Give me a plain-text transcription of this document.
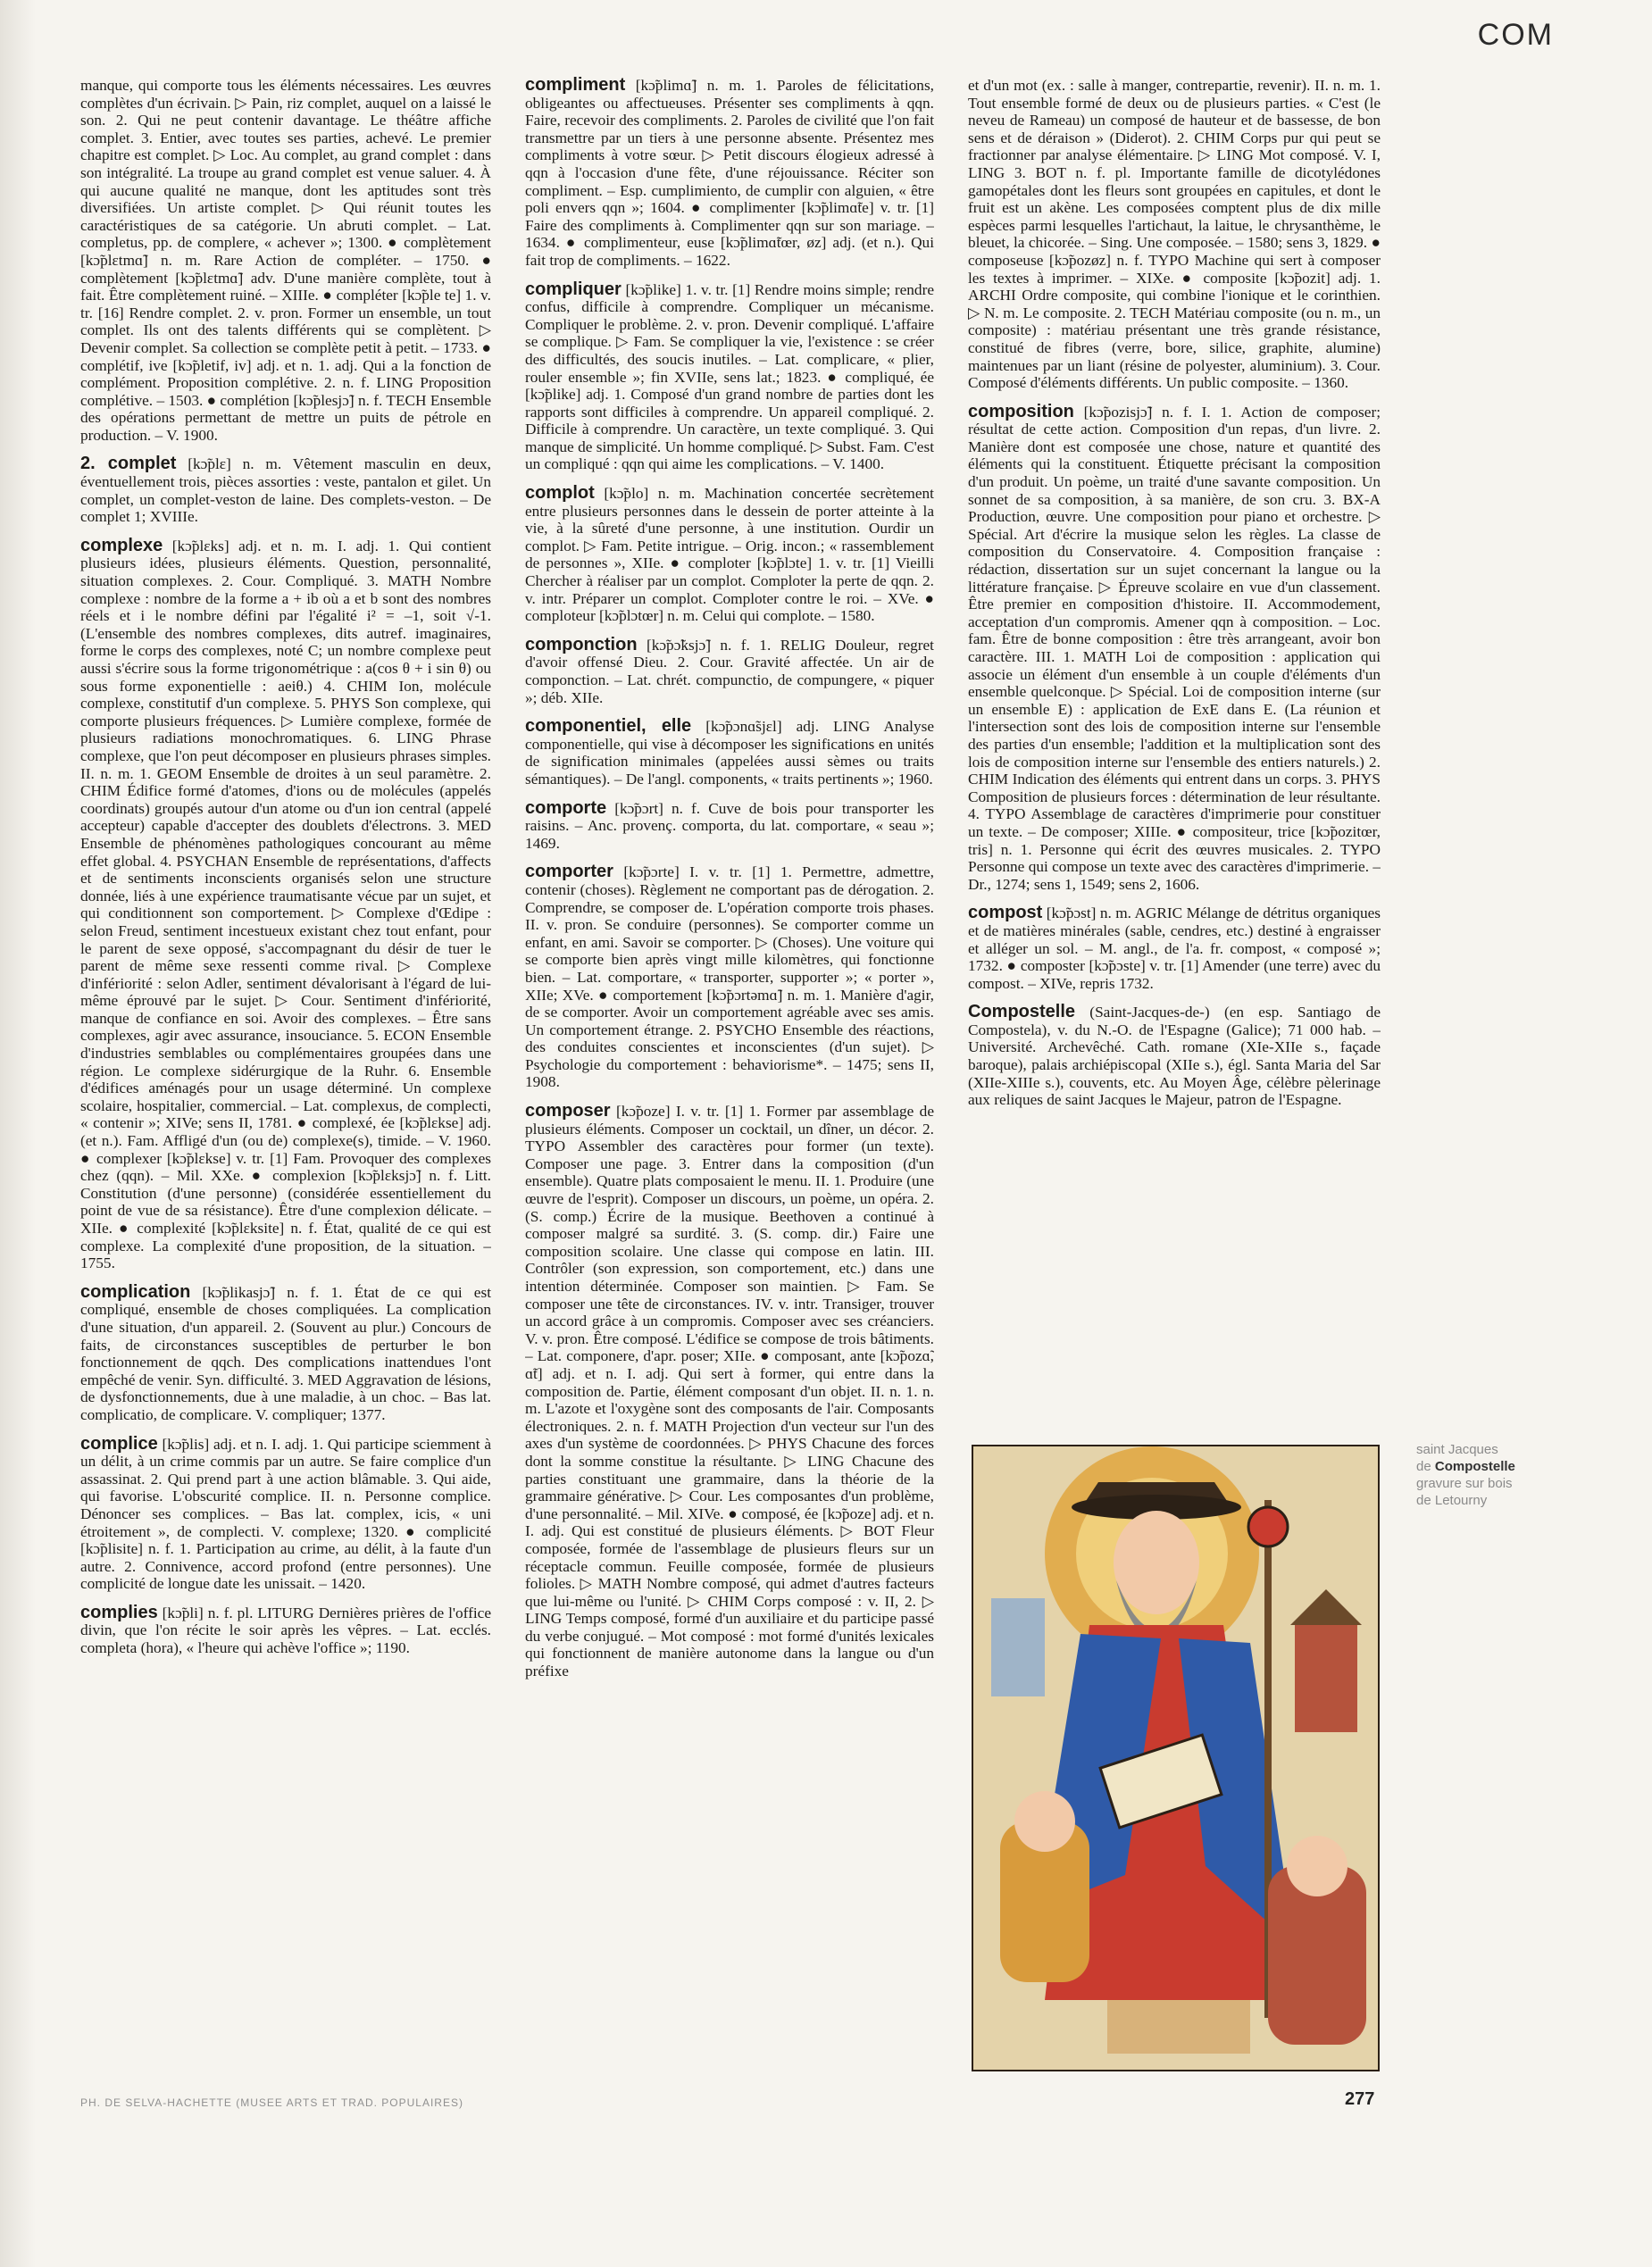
COM

manque, qui comporte tous les éléments nécessaires. Les œuvres complètes d'un écrivain. ▷ Pain, riz complet, auquel on a laissé le son. 2. Qui ne peut contenir davantage. Le théâtre affiche complet. 3. Entier, avec toutes ses parties, achevé. Le premier chapitre est complet. ▷ Loc. Au complet, au grand complet : dans son intégralité. La troupe au grand complet est venue saluer. 4. À qui aucune qualité ne manque, dont les aptitudes sont très diversifiées. Un artiste complet. ▷ Qui réunit toutes les caractéristiques de sa catégorie. Un abruti complet. – Lat. completus, pp. de complere, « achever »; 1300. ● complètement [kɔ̃plɛtmɑ̃] n. m. Rare Action de compléter. – 1750. ● complètement [kɔ̃plɛtmɑ̃] adv. D'une manière complète, tout à fait. Être complètement ruiné. – XIIIe. ● compléter [kɔ̃ple te] 1. v. tr. [16] Rendre complet. 2. v. pron. Former un ensemble, un tout complet. Ils ont des talents différents qui se complètent. ▷ Devenir complet. Sa collection se complète petit à petit. – 1733. ● complétif, ive [kɔ̃pletif, iv] adj. et n. 1. adj. Qui a la fonction de complément. Proposition complétive. 2. n. f. LING Proposition complétive. – 1503. ● complétion [kɔ̃plesjɔ̃] n. f. TECH Ensemble des opérations permettant de mettre un puits de pétrole en production. – V. 1900.

2. complet [kɔ̃plɛ] n. m. Vêtement masculin en deux, éventuellement trois, pièces assorties : veste, pantalon et gilet. Un complet, un complet-veston de laine. Des complets-veston. – De complet 1; XVIIIe.

complexe [kɔ̃plɛks] adj. et n. m. I. adj. 1. Qui contient plusieurs idées, plusieurs éléments. Question, personnalité, situation complexes. 2. Cour. Compliqué. 3. MATH Nombre complexe : nombre de la forme a + ib où a et b sont des nombres réels et i le nombre défini par l'égalité i² = –1, soit √-1. (L'ensemble des nombres complexes, dits autref. imaginaires, forme le corps des complexes, noté C; un nombre complexe peut aussi s'écrire sous la forme trigonométrique : a(cos θ + i sin θ) ou sous forme exponentielle : aeiθ.) 4. CHIM Ion, molécule complexe, constitutif d'un complexe. 5. PHYS Son complexe, qui comporte plusieurs fréquences. ▷ Lumière complexe, formée de plusieurs radiations monochromatiques. 6. LING Phrase complexe, que l'on peut décomposer en plusieurs phrases simples. II. n. m. 1. GEOM Ensemble de droites à un seul paramètre. 2. CHIM Édifice formé d'atomes, d'ions ou de molécules (appelés coordinats) groupés autour d'un atome ou d'un ion central (appelé accepteur) capable d'accepter des doublets d'électrons. 3. MED Ensemble de phénomènes pathologiques concourant au même effet global. 4. PSYCHAN Ensemble de représentations, d'affects et de sentiments inconscients organisés selon une structure donnée, liés à une expérience traumatisante vécue par un sujet, et qui conditionnent son comportement. ▷ Complexe d'Œdipe : selon Freud, sentiment incestueux existant chez tout enfant, pour le parent de sexe opposé, s'accompagnant du désir de tuer le parent de même sexe ressenti comme rival. ▷ Complexe d'infériorité : selon Adler, sentiment dévalorisant à l'égard de lui-même éprouvé par le sujet. ▷ Cour. Sentiment d'infériorité, manque de confiance en soi. Avoir des complexes. – Être sans complexes, agir avec assurance, insouciance. 5. ECON Ensemble d'industries semblables ou complémentaires groupées dans une région. Le complexe sidérurgique de la Ruhr. 6. Ensemble d'édifices aménagés pour un usage déterminé. Un complexe scolaire, hospitalier, commercial. – Lat. complexus, de complecti, « contenir »; XIVe; sens II, 1781. ● complexé, ée [kɔ̃plɛkse] adj. (et n.). Fam. Affligé d'un (ou de) complexe(s), timide. – V. 1960. ● complexer [kɔ̃plɛkse] v. tr. [1] Fam. Provoquer des complexes chez (qqn). – Mil. XXe. ● complexion [kɔ̃plɛksjɔ̃] n. f. Litt. Constitution (d'une personne) (considérée essentiellement du point de vue de sa résistance). Être d'une complexion délicate. – XIIe. ● complexité [kɔ̃plɛksite] n. f. État, qualité de ce qui est complexe. La complexité d'une proposition, de la situation. – 1755.

complication [kɔ̃plikasjɔ̃] n. f. 1. État de ce qui est compliqué, ensemble de choses compliquées. La complication d'une situation, d'un appareil. 2. (Souvent au plur.) Concours de faits, de circonstances susceptibles de perturber le bon fonctionnement de qqch. Des complications inattendues l'ont empêché de venir. Syn. difficulté. 3. MED Aggravation de lésions, de dysfonctionnements, due à une maladie, à un choc. – Bas lat. complicatio, de complicare. V. compliquer; 1377.

complice [kɔ̃plis] adj. et n. I. adj. 1. Qui participe sciemment à un délit, à un crime commis par un autre. Se faire complice d'un assassinat. 2. Qui prend part à une action blâmable. 3. Qui aide, qui favorise. L'obscurité complice. II. n. Personne complice. Dénoncer ses complices. – Bas lat. complex, icis, « uni étroitement », de complecti. V. complexe; 1320. ● complicité [kɔ̃plisite] n. f. 1. Participation au crime, au délit, à la faute d'un autre. 2. Connivence, accord profond (entre personnes). Une complicité de longue date les unissait. – 1420.

complies [kɔ̃pli] n. f. pl. LITURG Dernières prières de l'office divin, que l'on récite le soir après les vêpres. – Lat. ecclés. completa (hora), « l'heure qui achève l'office »; 1190.

compliment [kɔ̃plimɑ̃] n. m. 1. Paroles de félicitations, obligeantes ou affectueuses. Présenter ses compliments à qqn. Faire, recevoir des compliments. 2. Paroles de civilité que l'on fait transmettre par un tiers à une personne absente. Présentez mes compliments à votre sœur. ▷ Petit discours élogieux adressé à qqn à l'occasion d'une fête, d'une réjouissance. Réciter son compliment. – Esp. cumplimiento, de cumplir con alguien, « être poli envers qqn »; 1604. ● complimenter [kɔ̃plimɑ̃te] v. tr. [1] Faire des compliments à. Complimenter qqn sur son mariage. – 1634. ● complimenteur, euse [kɔ̃plimɑ̃tœr, øz] adj. (et n.). Qui fait trop de compliments. – 1622.

compliquer [kɔ̃plike] 1. v. tr. [1] Rendre moins simple; rendre confus, difficile à comprendre. Compliquer un mécanisme. Compliquer le problème. 2. v. pron. Devenir compliqué. L'affaire se complique. ▷ Fam. Se compliquer la vie, l'existence : se créer des difficultés, des soucis inutiles. – Lat. complicare, « plier, rouler ensemble »; fin XVIIe, sens lat.; 1823. ● compliqué, ée [kɔ̃plike] adj. 1. Composé d'un grand nombre de parties dont les rapports sont difficiles à comprendre. Un appareil compliqué. 2. Difficile à comprendre. Un caractère, un texte compliqué. 3. Qui manque de simplicité. Un homme compliqué. ▷ Subst. Fam. C'est un compliqué : qqn qui aime les complications. – V. 1400.

complot [kɔ̃plo] n. m. Machination concertée secrètement entre plusieurs personnes dans le dessein de porter atteinte à la vie, à la sûreté d'une personne, à une institution. Ourdir un complot. ▷ Fam. Petite intrigue. – Orig. incon.; « rassemblement de personnes », XIIe. ● comploter [kɔ̃plɔte] 1. v. tr. [1] Vieilli Chercher à réaliser par un complot. Comploter la perte de qqn. 2. v. intr. Préparer un complot. Comploter contre le roi. – XVe. ● comploteur [kɔ̃plɔtœr] n. m. Celui qui complote. – 1580.

componction [kɔ̃pɔ̃ksjɔ̃] n. f. 1. RELIG Douleur, regret d'avoir offensé Dieu. 2. Cour. Gravité affectée. Un air de componction. – Lat. chrét. compunctio, de compungere, « piquer »; déb. XIIe.

componentiel, elle [kɔ̃pɔnɑ̃sjɛl] adj. LING Analyse componentielle, qui vise à décomposer les significations en unités de signification minimales (appelées aussi sèmes ou traits sémantiques). – De l'angl. components, « traits pertinents »; 1960.

comporte [kɔ̃pɔrt] n. f. Cuve de bois pour transporter les raisins. – Anc. provenç. comporta, du lat. comportare, « seau »; 1469.

comporter [kɔ̃pɔrte] I. v. tr. [1] 1. Permettre, admettre, contenir (choses). Règlement ne comportant pas de dérogation. 2. Comprendre, se composer de. L'opération comporte trois phases. II. v. pron. Se conduire (personnes). Se comporter comme un enfant, en ami. Savoir se comporter. ▷ (Choses). Une voiture qui se comporte bien après vingt mille kilomètres, qui fonctionne bien. – Lat. comportare, « transporter, supporter »; « porter », XIIe; XVe. ● comportement [kɔ̃pɔrtəmɑ̃] n. m. 1. Manière d'agir, de se comporter. Avoir un comportement agréable avec ses amis. Un comportement étrange. 2. PSYCHO Ensemble des réactions, des conduites conscientes et inconscientes (d'un sujet). ▷ Psychologie du comportement : behaviorisme*. – 1475; sens II, 1908.

composer [kɔ̃poze] I. v. tr. [1] 1. Former par assemblage de plusieurs éléments. Composer un cocktail, un dîner, un décor. 2. TYPO Assembler des caractères pour former (un texte). Composer une page. 3. Entrer dans la composition (d'un ensemble). Quatre plats composaient le menu. II. 1. Produire (une œuvre de l'esprit). Composer un discours, un poème, un opéra. 2. (S. comp.) Écrire de la musique. Beethoven a continué à composer malgré sa surdité. 3. (S. comp. dir.) Faire une composition scolaire. Une classe qui compose en latin. III. Contrôler (son expression, son comportement, etc.) dans une intention déterminée. Composer son maintien. ▷ Fam. Se composer une tête de circonstances. IV. v. intr. Transiger, trouver un accord grâce à un compromis. Composer avec ses créanciers. V. v. pron. Être composé. L'édifice se compose de trois bâtiments. – Lat. componere, d'apr. poser; XIIe. ● composant, ante [kɔ̃pozɑ̃, ɑ̃t] adj. et n. I. adj. Qui sert à former, qui entre dans la composition de. Partie, élément composant d'un objet. II. n. 1. n. m. L'azote et l'oxygène sont des composants de l'air. Composants électroniques. 2. n. f. MATH Projection d'un vecteur sur l'un des axes d'un système de coordonnées. ▷ PHYS Chacune des forces dont la somme constitue la résultante. ▷ LING Chacune des parties constituant une grammaire, dans la théorie de la grammaire générative. ▷ Cour. Les composantes d'un problème, d'une personnalité. – Mil. XIVe. ● composé, ée [kɔ̃poze] adj. et n. I. adj. Qui est constitué de plusieurs éléments. ▷ BOT Fleur composée, formée de l'assemblage de plusieurs fleurs sur un réceptacle commun. Feuille composée, formée de plusieurs folioles. ▷ MATH Nombre composé, qui admet d'autres facteurs que lui-même ou l'unité. ▷ CHIM Corps composé : v. II, 2. ▷ LING Temps composé, formé d'un auxiliaire et du participe passé du verbe conjugué. – Mot composé : mot formé d'unités lexicales qui fonctionnent de manière autonome dans la langue ou d'un préfixe

et d'un mot (ex. : salle à manger, contrepartie, revenir). II. n. m. 1. Tout ensemble formé de deux ou de plusieurs parties. « C'est (le neveu de Rameau) un composé de hauteur et de bassesse, de bon sens et de déraison » (Diderot). 2. CHIM Corps pur qui peut se fractionner par analyse élémentaire. ▷ LING Mot composé. V. I, LING 3. BOT n. f. pl. Importante famille de dicotylédones gamopétales dont les fleurs sont groupées en capitules, et dont le fruit est un akène. Les composées comptent plus de dix mille espèces parmi lesquelles l'artichaut, la laitue, le chrysanthème, le bleuet, la chicorée. – Sing. Une composée. – 1580; sens 3, 1829. ● composeuse [kɔ̃pozøz] n. f. TYPO Machine qui sert à composer les textes à imprimer. – XIXe. ● composite [kɔ̃pozit] adj. 1. ARCHI Ordre composite, qui combine l'ionique et le corinthien. ▷ N. m. Le composite. 2. TECH Matériau composite (ou n. m., un composite) : matériau présentant une très grande résistance, constitué de fibres (verre, bore, silice, graphite, alumine) maintenues par un liant (résine de polyester, aluminium). 3. Cour. Composé d'éléments différents. Un public composite. – 1360.

composition [kɔ̃pozisjɔ̃] n. f. I. 1. Action de composer; résultat de cette action. Composition d'un repas, d'un livre. 2. Manière dont est composée une chose, nature et quantité des éléments qui la constituent. Étiquette précisant la composition d'un produit. Un poème, un traité d'une savante composition. Un sonnet de sa composition, à sa manière, de son cru. 3. BX-A Production, œuvre. Une composition pour piano et orchestre. ▷ Spécial. Art d'écrire la musique selon les règles. La classe de composition du Conservatoire. 4. Composition française : rédaction, dissertation sur un sujet concernant la langue ou la littérature française. ▷ Épreuve scolaire en vue d'un classement. Être premier en composition d'histoire. II. Accommodement, acceptation d'un compromis. Amener qqn à composition. – Loc. fam. Être de bonne composition : être très arrangeant, avoir bon caractère. III. 1. MATH Loi de composition : application qui associe un élément d'un ensemble à un couple d'éléments d'un ensemble quelconque. ▷ Spécial. Loi de composition interne (sur un ensemble E) : application de ExE dans E. (La réunion et l'intersection sont des lois de composition interne sur l'ensemble des parties d'un ensemble; l'addition et la multiplication sont des lois de composition interne sur l'ensemble des entiers naturels.) 2. CHIM Indication des éléments qui entrent dans un corps. 3. PHYS Composition de plusieurs forces : détermination de leur résultante. 4. TYPO Assemblage de caractères d'imprimerie pour constituer un texte. – De composer; XIIIe. ● compositeur, trice [kɔ̃pozitœr, tris] n. 1. Personne qui écrit des œuvres musicales. 2. TYPO Personne qui compose un texte avec des caractères d'imprimerie. – Dr., 1274; sens 1, 1549; sens 2, 1606.

compost [kɔ̃pɔst] n. m. AGRIC Mélange de détritus organiques et de matières minérales (sable, cendres, etc.) destiné à engraisser et alléger un sol. – M. angl., de l'a. fr. compost, « composé »; 1732. ● composter [kɔ̃pɔste] v. tr. [1] Amender (une terre) avec du compost. – XIVe, repris 1732.

Compostelle (Saint-Jacques-de-) (en esp. Santiago de Compostela), v. du N.-O. de l'Espagne (Galice); 71 000 hab. – Université. Archevêché. Cath. romane (XIe-XIIe s., façade baroque), palais archiépiscopal (XIIe s.), égl. Santa Maria del Sar (XIIe-XIIIe s.), couvents, etc. Au Moyen Âge, célèbre pèlerinage aux reliques de saint Jacques le Majeur, patron de l'Espagne.

saint Jacques
de Compostelle
gravure sur bois
de Letourny
PH. DE SELVA-HACHETTE (MUSEE ARTS ET TRAD. POPULAIRES)	277
